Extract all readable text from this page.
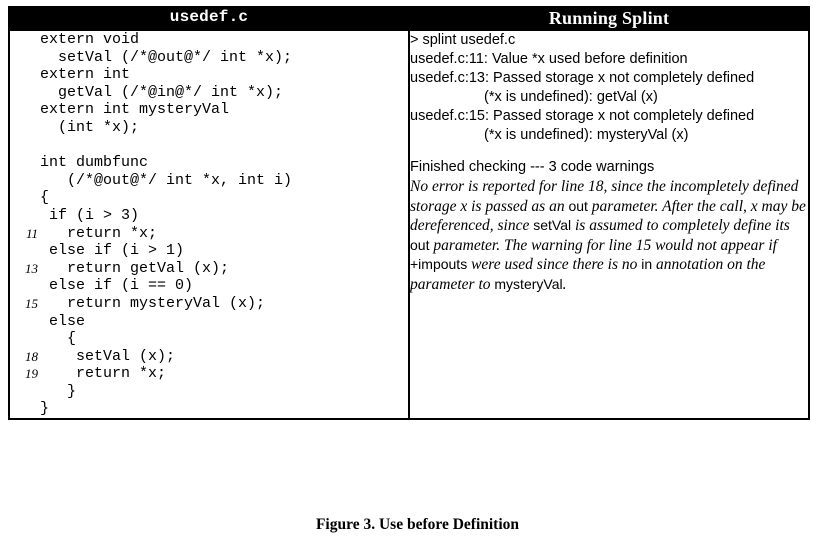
usedef.c	Running Splint

extern void
setVal (/*@out@*/ int *x);
extern int
getVal (/*@in@*/ int *x);
extern int mysteryVal
(int *x);
int dumbfunc
(/*@out@*/ int *x, int i)
{
if (i > 3)
11   return *x;
else if (i > 1)
13   return getVal (x);
else if (i == 0)
15   return mysteryVal (x);
else
{
18    setVal (x);
19    return *x;
}
}

> splint usedef.c

usedef.c:11: Value *x used before definition

usedef.c:13: Passed storage x not completely defined

(*x is undefined): getVal (x)

usedef.c:15: Passed storage x not completely defined

(*x is undefined): mysteryVal (x)

Finished checking --- 3 code warnings

No error is reported for line 18, since the incompletely defined storage x is passed as an out parameter. After the call, x may be dereferenced, since setVal is assumed to completely define its out parameter. The warning for line 15 would not appear if +impouts were used since there is no in annotation on the parameter to mysteryVal.
Figure 3. Use before Definition
